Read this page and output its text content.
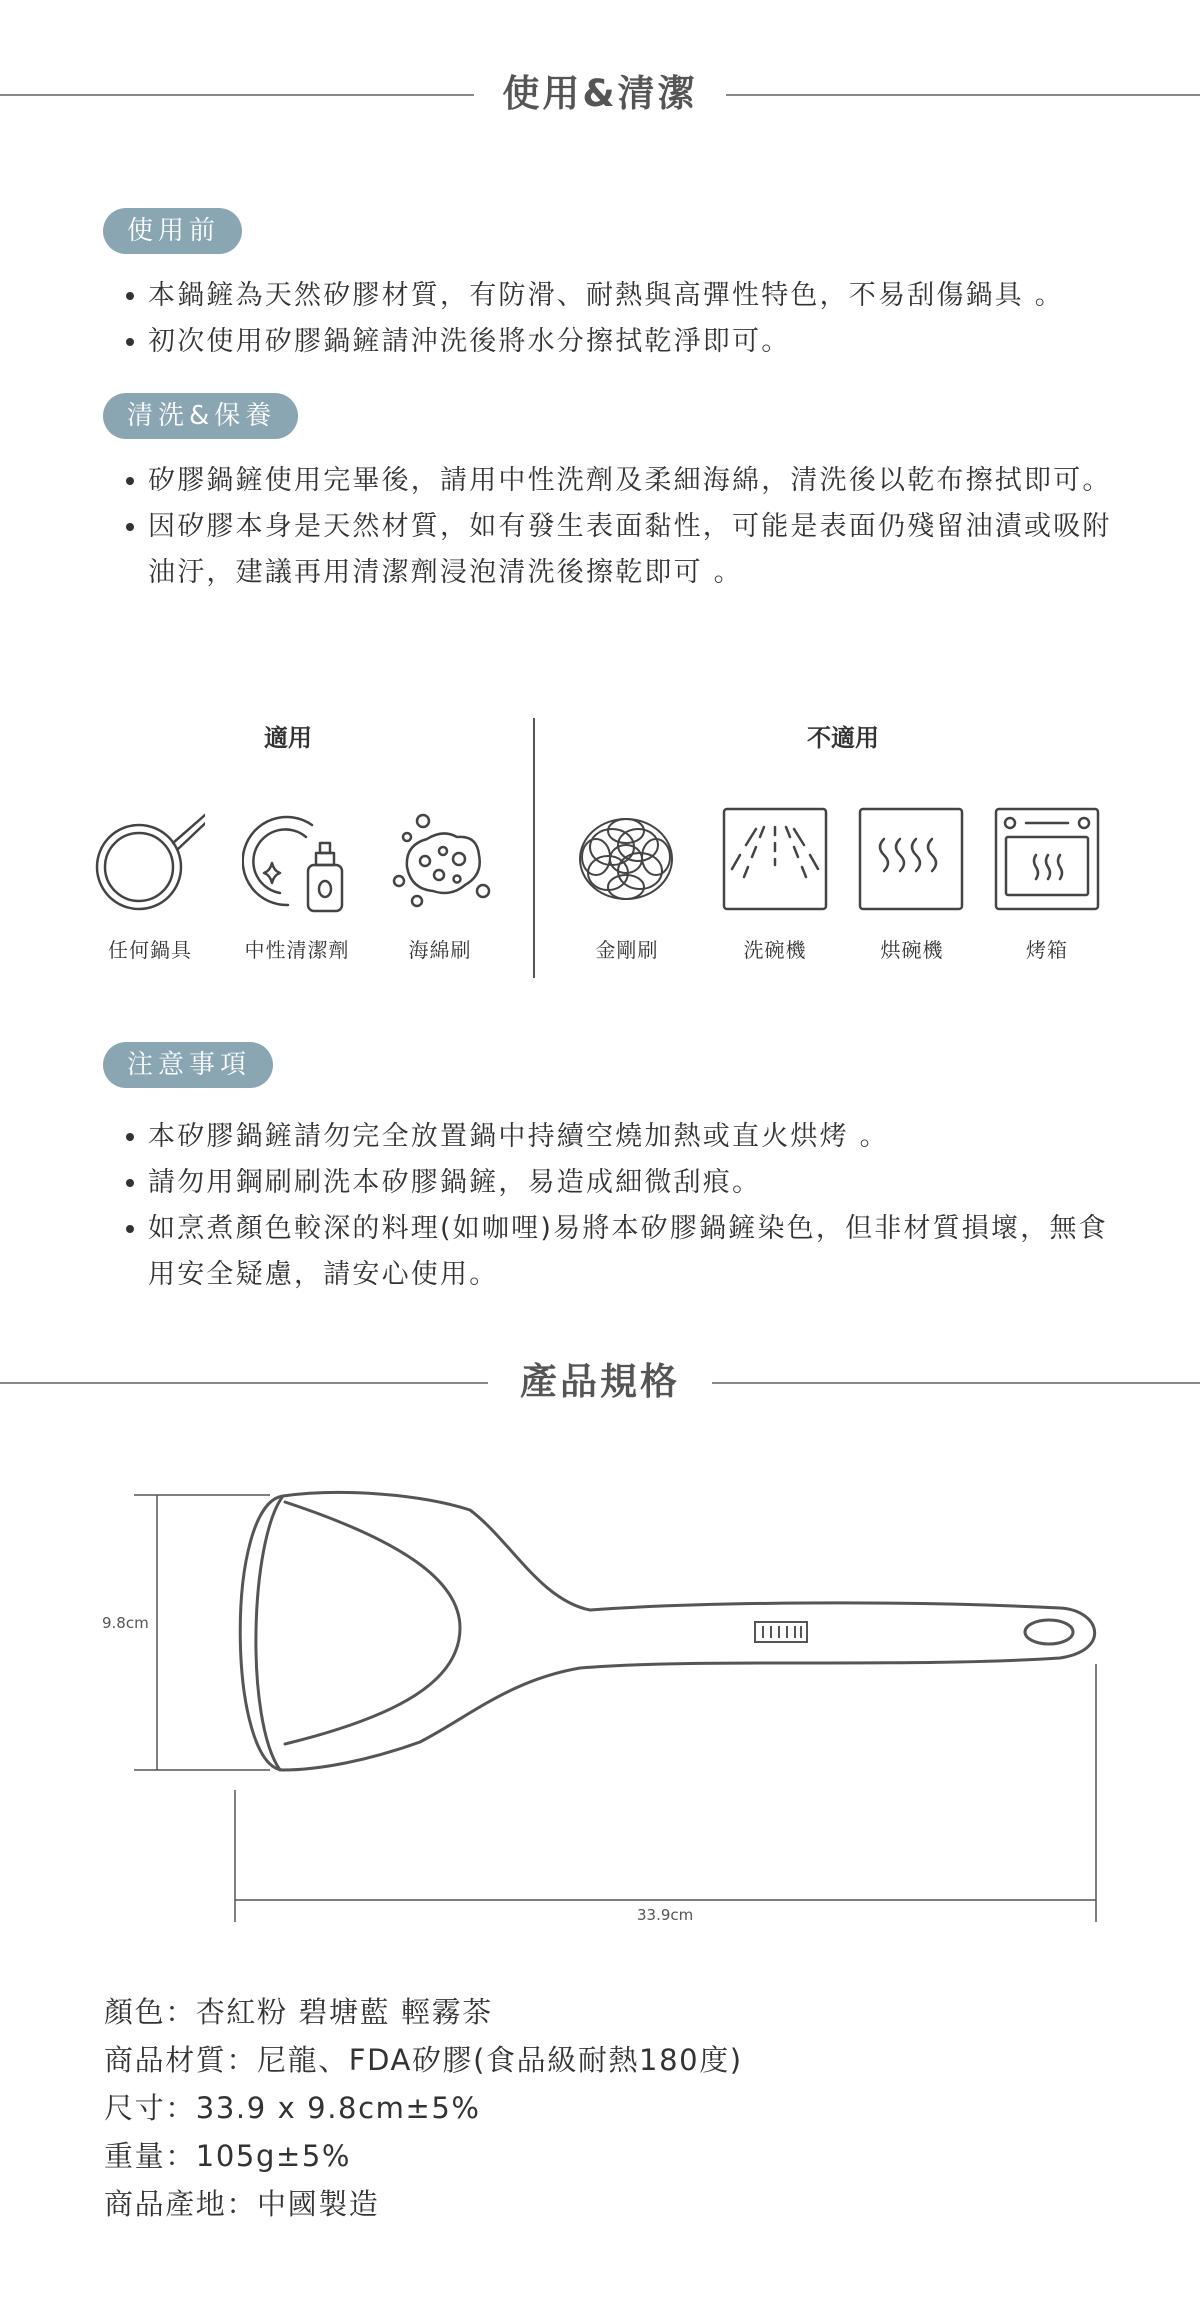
使用&清潔
使用前
本鍋鏟為天然矽膠材質，有防滑、耐熱與高彈性特色，不易刮傷鍋具 。
初次使用矽膠鍋鏟請沖洗後將水分擦拭乾淨即可。
清洗&保養
矽膠鍋鏟使用完畢後，請用中性洗劑及柔細海綿，清洗後以乾布擦拭即可。
因矽膠本身是天然材質，如有發生表面黏性，可能是表面仍殘留油漬或吸附油汙，建議再用清潔劑浸泡清洗後擦乾即可 。
適用	不適用
任何鍋具	中性清潔劑	海綿刷	金剛刷	洗碗機	烘碗機	烤箱
注意事項
本矽膠鍋鏟請勿完全放置鍋中持續空燒加熱或直火烘烤 。
請勿用鋼刷刷洗本矽膠鍋鏟，易造成細微刮痕。
如烹煮顏色較深的料理(如咖哩)易將本矽膠鍋鏟染色，但非材質損壞，無食用安全疑慮，請安心使用。
產品規格
9.8cm
33.9cm
顏色：杏紅粉 碧塘藍 輕霧茶
商品材質：尼龍、FDA矽膠(食品級耐熱180度)
尺寸：33.9 x 9.8cm±5%
重量：105g±5%
商品產地：中國製造
